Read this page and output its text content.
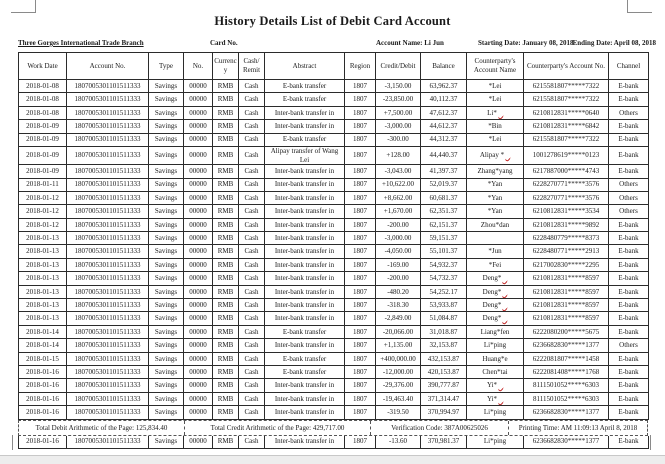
History Details List of Debit Card Account
Three Gorges International Trade Branch	Card No.	Account Name: Li Jun	Starting Date: January 08, 2018 Ending Date: April 08, 2018
Work Date	Account No.	Type	No.	Currency	Cash/ Remit	Abstract	Region	Credit/Debit	Balance	Counterparty's Account Name	Counterparty's Account No.	Channel
2018-01-08	1807005301101511333	Savings	00000	RMB	Cash	E-bank transfer	1807	-3,150.00	63,962.37	*Lei	6215581807*****7322	E-bank
2018-01-08	1807005301101511333	Savings	00000	RMB	Cash	E-bank transfer	1807	-23,850.00	40,112.37	*Lei	6215581807*****7322	E-bank
2018-01-08	1807005301101511333	Savings	00000	RMB	Cash	Inter-bank transfer in	1807	+7,500.00	47,612.37	Li*	6210812831*****0640	Others
2018-01-09	1807005301101511333	Savings	00000	RMB	Cash	Inter-bank transfer in	1807	-3,000.00	44,612.37	*Bin	6210812831*****6842	E-bank
2018-01-09	1807005301101511333	Savings	00000	RMB	Cash	E-bank transfer	1807	-300.00	44,312.37	*Lei	6215581807*****7322	E-bank
2018-01-09	1807005301101511333	Savings	00000	RMB	Cash	Alipay transfer of Wang Lei	1807	+128.00	44,440.37	Alipay *	1001278619*****0123	E-bank
2018-01-09	1807005301101511333	Savings	00000	RMB	Cash	Inter-bank transfer in	1807	-3,043.00	41,397.37	Zhang*yang	6217887000*****4743	E-bank
2018-01-11	1807005301101511333	Savings	00000	RMB	Cash	Inter-bank transfer in	1807	+10,622.00	52,019.37	*Yan	6228270771*****3576	Others
2018-01-12	1807005301101511333	Savings	00000	RMB	Cash	Inter-bank transfer in	1807	+8,662.00	60,681.37	*Yan	6228270771*****3576	Others
2018-01-12	1807005301101511333	Savings	00000	RMB	Cash	Inter-bank transfer in	1807	+1,670.00	62,351.37	*Yan	6210812831*****3534	Others
2018-01-12	1807005301101511333	Savings	00000	RMB	Cash	Inter-bank transfer in	1807	-200.00	62,151.37	Zhou*dan	6210812831*****9892	E-bank
2018-01-13	1807005301101511333	Savings	00000	RMB	Cash	Inter-bank transfer in	1807	-3,000.00	59,151.37		6228480779*****8373	E-bank
2018-01-13	1807005301101511333	Savings	00000	RMB	Cash	Inter-bank transfer in	1807	-4,050.00	55,101.37	*Jun	6228480771*****2913	E-bank
2018-01-13	1807005301101511333	Savings	00000	RMB	Cash	Inter-bank transfer in	1807	-169.00	54,932.37	*Fei	6217002830*****2295	E-bank
2018-01-13	1807005301101511333	Savings	00000	RMB	Cash	Inter-bank transfer in	1807	-200.00	54,732.37	Deng*	6210812831*****8597	E-bank
2018-01-13	1807005301101511333	Savings	00000	RMB	Cash	Inter-bank transfer in	1807	-480.20	54,252.17	Deng*	6210812831*****8597	E-bank
2018-01-13	1807005301101511333	Savings	00000	RMB	Cash	Inter-bank transfer in	1807	-318.30	53,933.87	Deng*	6210812831*****8597	E-bank
2018-01-13	1807005301101511333	Savings	00000	RMB	Cash	Inter-bank transfer in	1807	-2,849.00	51,084.87	Deng*	6210812831*****8597	E-bank
2018-01-14	1807005301101511333	Savings	00000	RMB	Cash	E-bank transfer	1807	-20,066.00	31,018.87	Liang*fen	6222080200*****5675	E-bank
2018-01-14	1807005301101511333	Savings	00000	RMB	Cash	Inter-bank transfer in	1807	+1,135.00	32,153.87	Li*ping	6236682830*****1377	Others
2018-01-15	1807005301101511333	Savings	00000	RMB	Cash	E-bank transfer	1807	+400,000.00	432,153.87	Huang*e	6222081807*****1458	E-bank
2018-01-16	1807005301101511333	Savings	00000	RMB	Cash	E-bank transfer	1807	-12,000.00	420,153.87	Chen*tai	6222081408*****1768	E-bank
2018-01-16	1807005301101511333	Savings	00000	RMB	Cash	Inter-bank transfer in	1807	-29,376.00	390,777.87	Yi*	8111501052*****6303	E-bank
2018-01-16	1807005301101511333	Savings	00000	RMB	Cash	Inter-bank transfer in	1807	-19,463.40	371,314.47	Yi*	8111501052*****6303	E-bank
2018-01-16	1807005301101511333	Savings	00000	RMB	Cash	Inter-bank transfer in	1807	-319.50	370,994.97	Li*ping	6236682830*****1377	E-bank
Total Debit Arithmetic of the Page: 125,834.40	Total Credit Arithmetic of the Page: 429,717.00	Verification Code: 387A00625026	Printing Time: AM 11:09:13 April 8, 2018
2018-01-16	1807005301101511333	Savings	00000	RMB	Cash	Inter-bank transfer in	1807	-13.60	370,981.37	Li*ping	6236682830*****1377	E-bank
